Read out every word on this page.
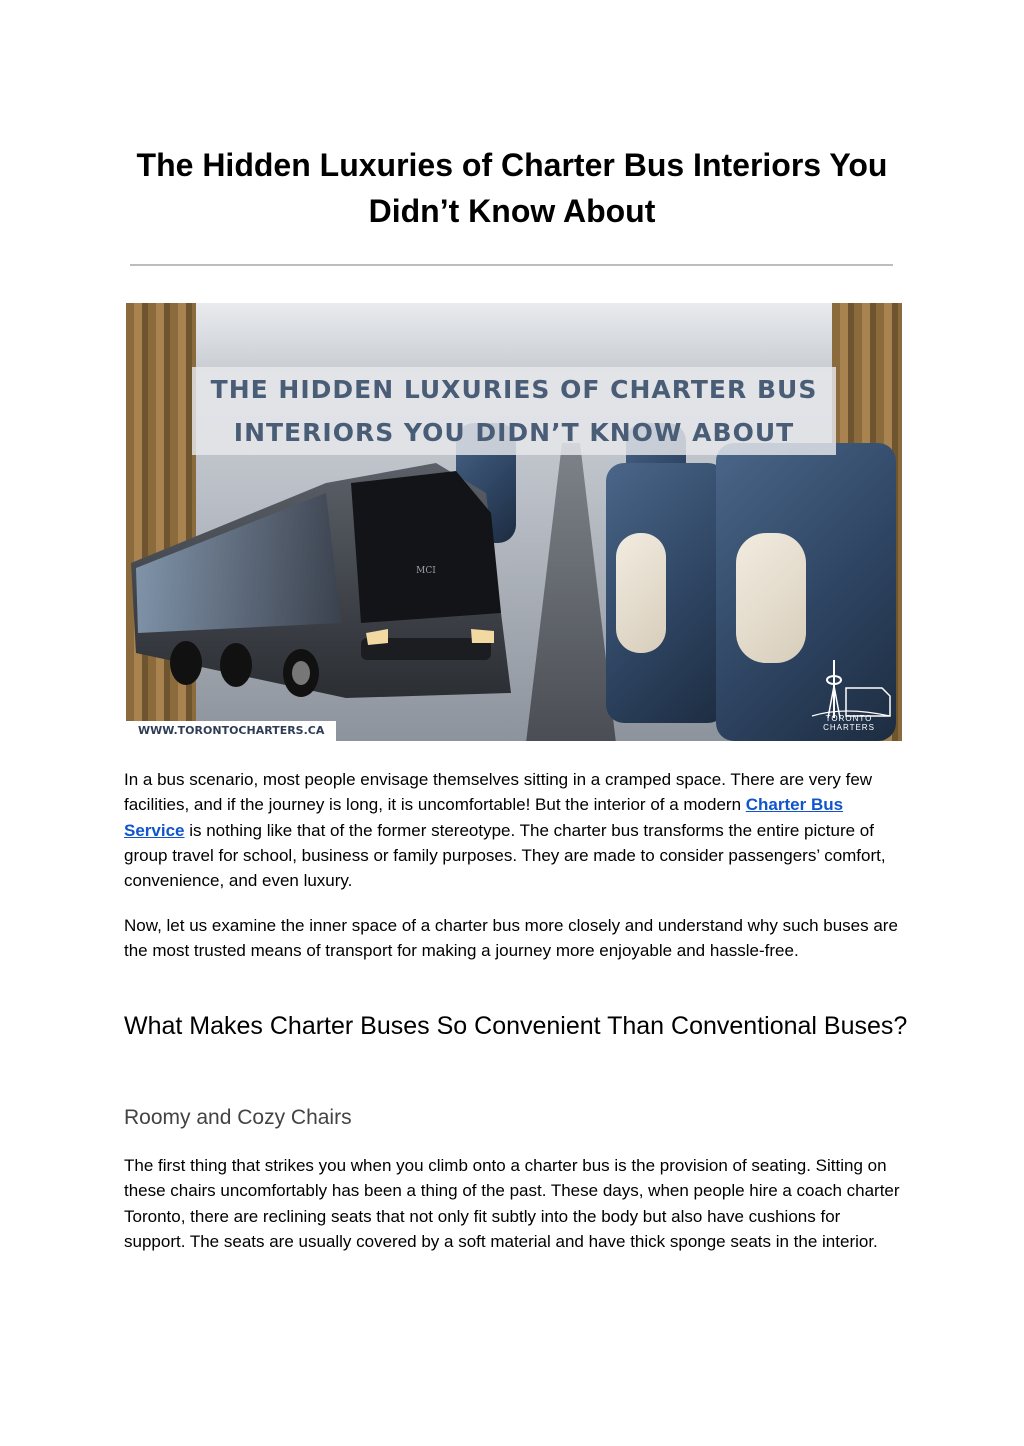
The Hidden Luxuries of Charter Bus Interiors You Didn’t Know About
THE HIDDEN LUXURIES OF CHARTER BUS
INTERIORS YOU DIDN’T KNOW ABOUT
MCI
WWW.TORONTOCHARTERS.CA
TORONTO CHARTERS

In a bus scenario, most people envisage themselves sitting in a cramped space. There are very few facilities, and if the journey is long, it is uncomfortable! But the interior of a modern Charter Bus Service is nothing like that of the former stereotype. The charter bus transforms the entire picture of group travel for school, business or family purposes. They are made to consider passengers’ comfort, convenience, and even luxury.

Now, let us examine the inner space of a charter bus more closely and understand why such buses are the most trusted means of transport for making a journey more enjoyable and hassle-free.

What Makes Charter Buses So Convenient Than Conventional Buses?
Roomy and Cozy Chairs

The first thing that strikes you when you climb onto a charter bus is the provision of seating. Sitting on these chairs uncomfortably has been a thing of the past. These days, when people hire a coach charter Toronto, there are reclining seats that not only fit subtly into the body but also have cushions for support. The seats are usually covered by a soft material and have thick sponge seats in the interior.
